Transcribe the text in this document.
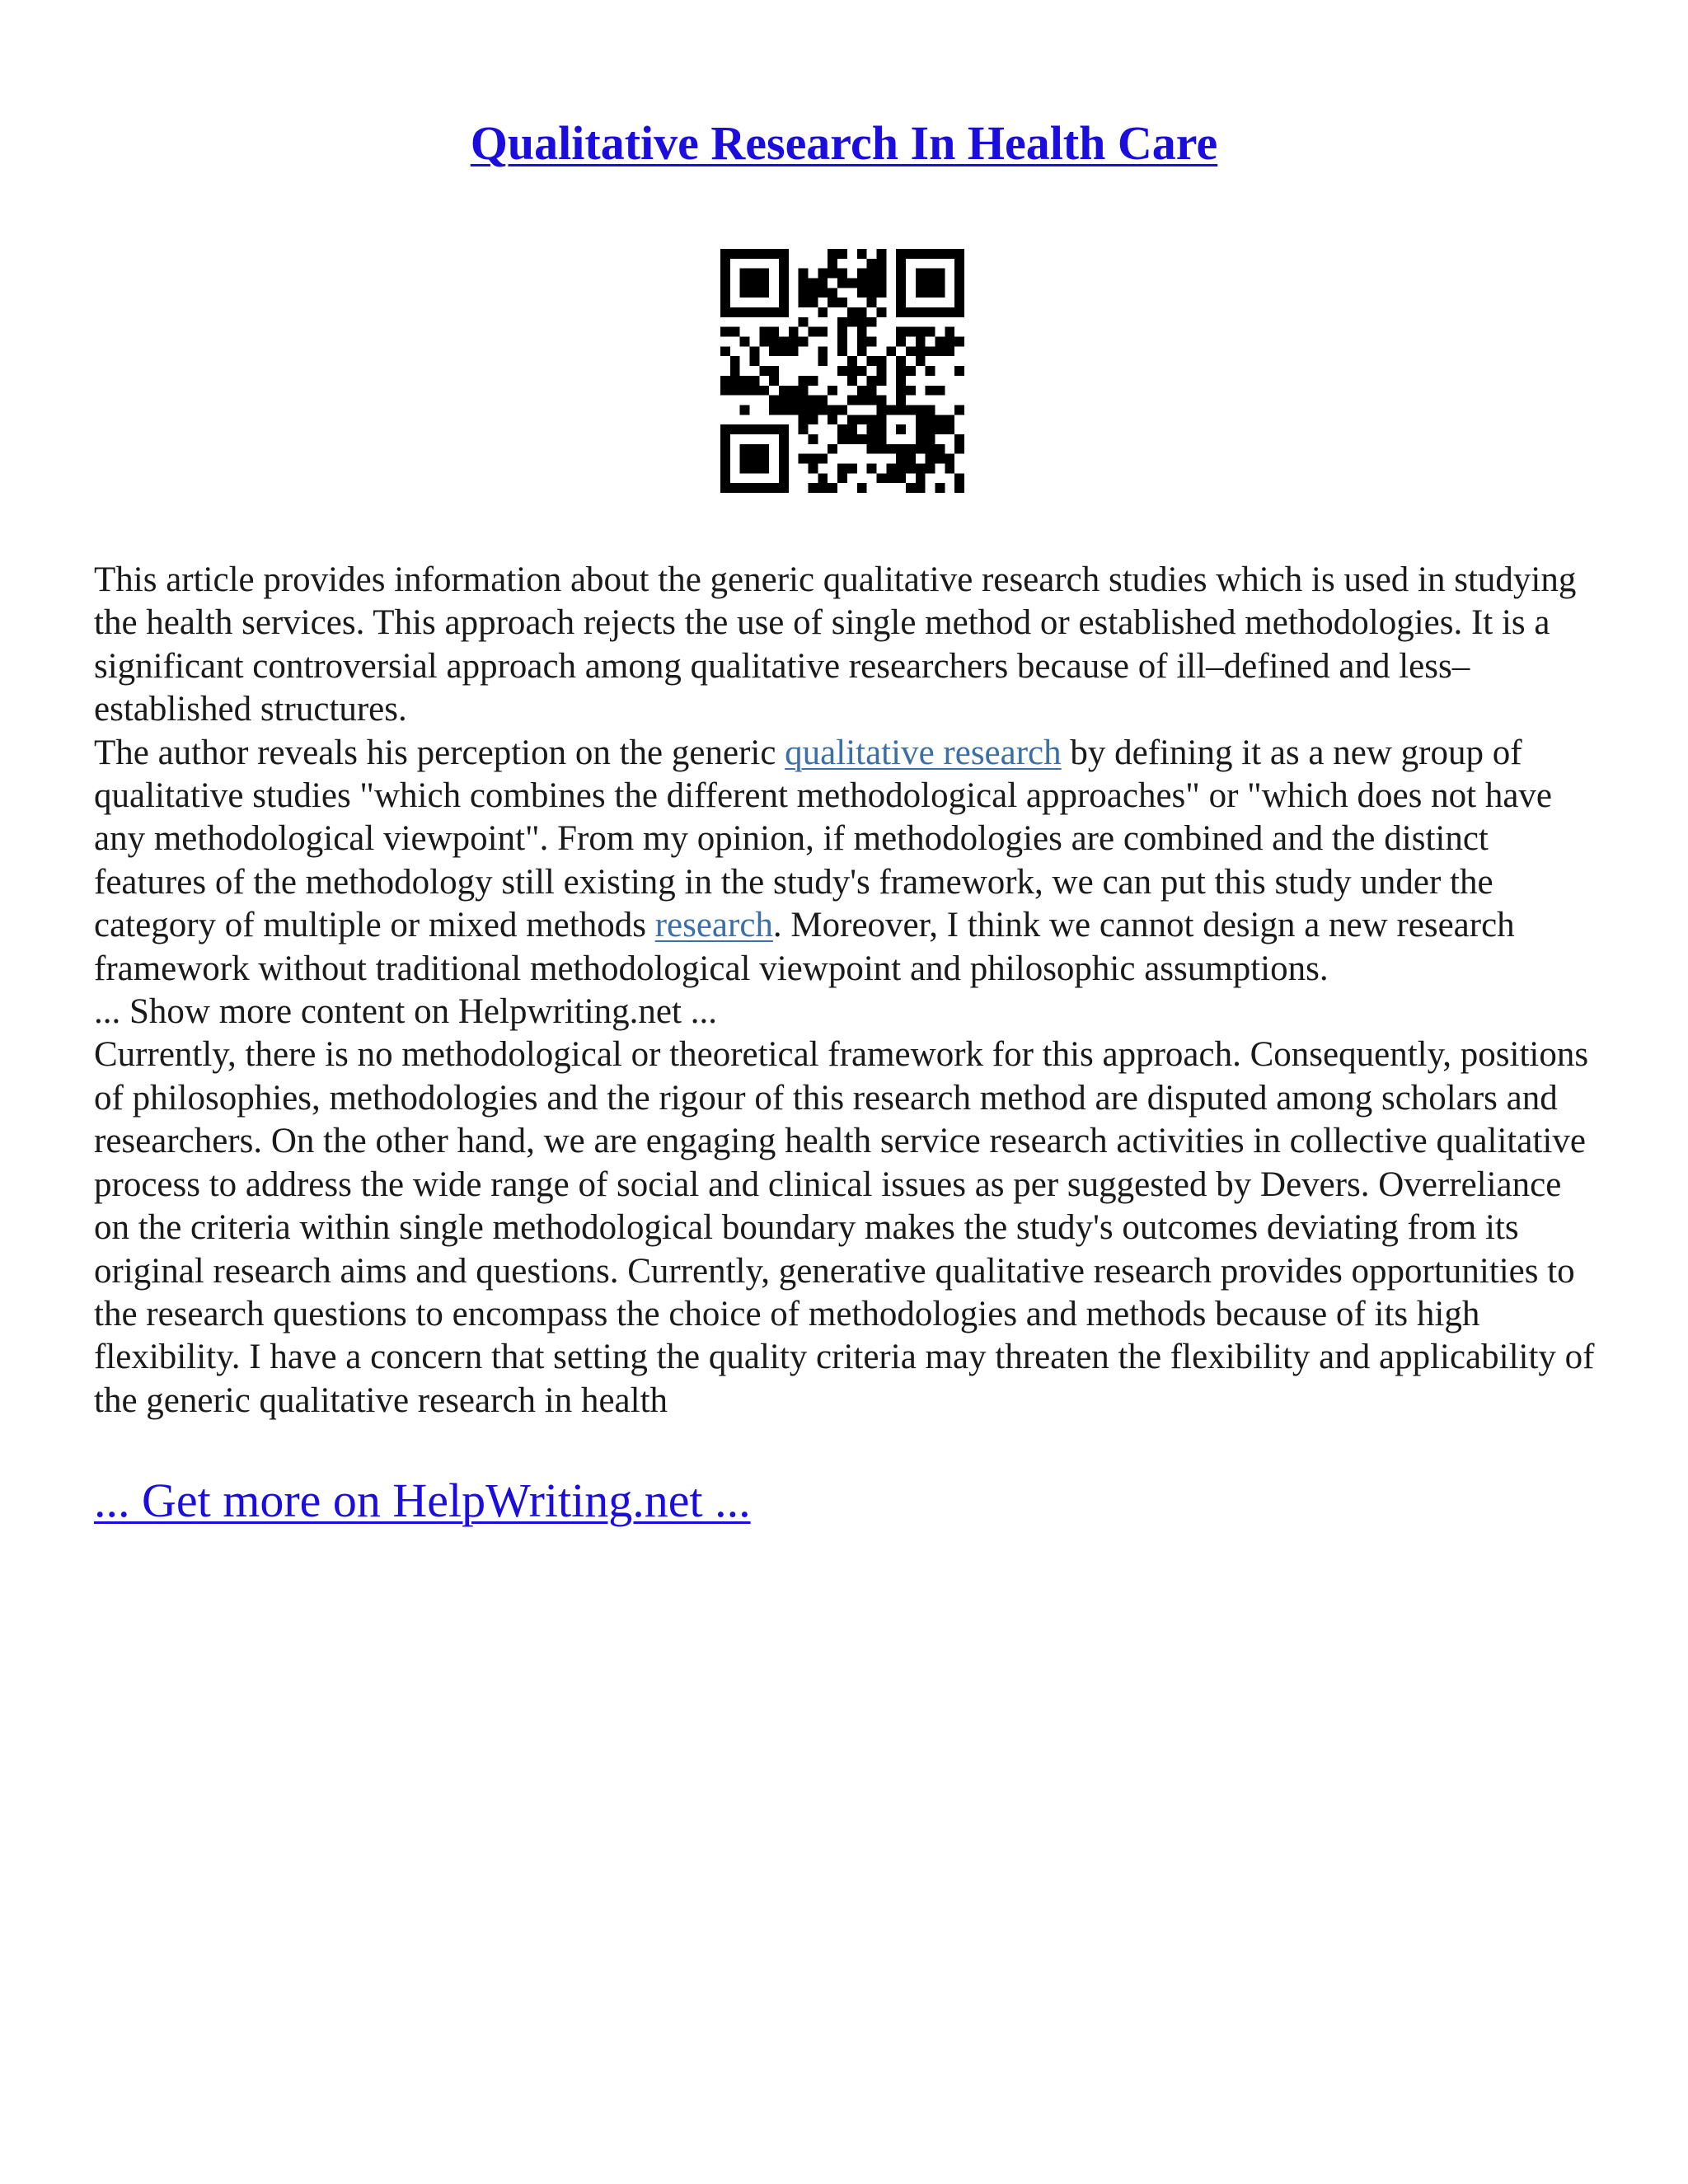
Qualitative Research In Health Care

This article provides information about the generic qualitative research studies which is used in studying the health services. This approach rejects the use of single method or established methodologies. It is a significant controversial approach among qualitative researchers because of ill–defined and less–established structures.

The author reveals his perception on the generic qualitative research by defining it as a new group of qualitative studies "which combines the different methodological approaches" or "which does not have any methodological viewpoint". From my opinion, if methodologies are combined and the distinct features of the methodology still existing in the study's framework, we can put this study under the category of multiple or mixed methods research. Moreover, I think we cannot design a new research framework without traditional methodological viewpoint and philosophic assumptions.

... Show more content on Helpwriting.net ...

Currently, there is no methodological or theoretical framework for this approach. Consequently, positions of philosophies, methodologies and the rigour of this research method are disputed among scholars and researchers. On the other hand, we are engaging health service research activities in collective qualitative process to address the wide range of social and clinical issues as per suggested by Devers. Overreliance on the criteria within single methodological boundary makes the study's outcomes deviating from its original research aims and questions. Currently, generative qualitative research provides opportunities to the research questions to encompass the choice of methodologies and methods because of its high flexibility. I have a concern that setting the quality criteria may threaten the flexibility and applicability of the generic qualitative research in health

... Get more on HelpWriting.net ...
